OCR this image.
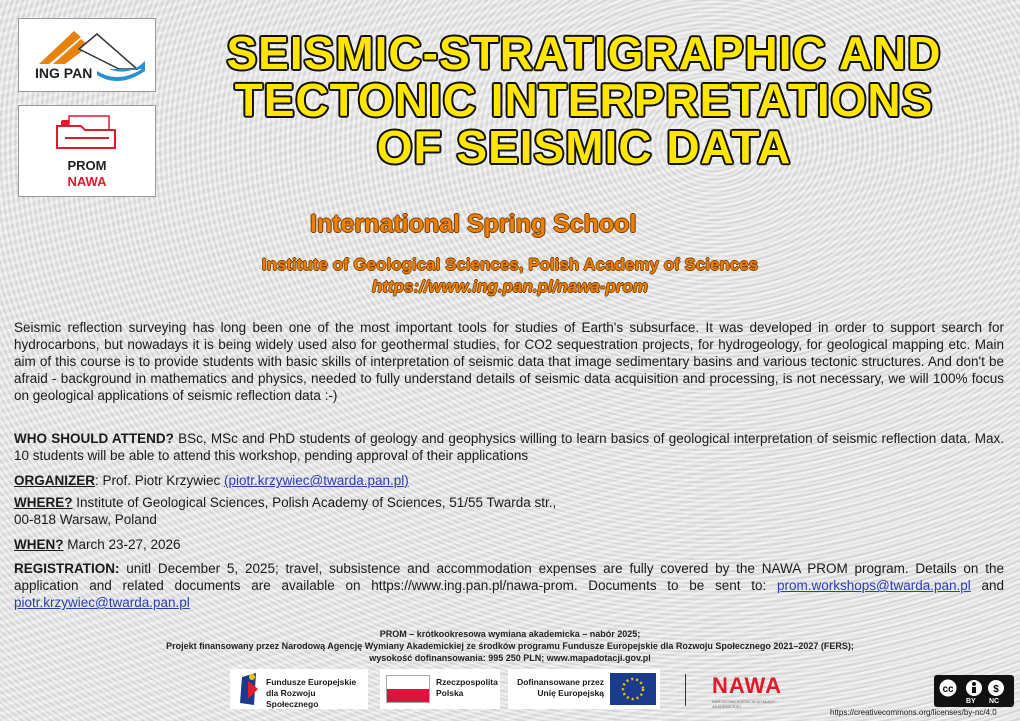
ING PAN
PROM
NAWA
SEISMIC-STRATIGRAPHIC AND
TECTONIC INTERPRETATIONS
OF SEISMIC DATA
International Spring School
Institute of Geological Sciences, Polish Academy of Sciences
https://www.ing.pan.pl/nawa-prom
Seismic reflection surveying has long been one of the most important tools for studies of Earth's subsurface. It was developed in order to support search for hydrocarbons, but nowadays it is being widely used also for geothermal studies, for CO2 sequestration projects, for hydrogeology, for geological mapping etc. Main aim of this course is to provide students with basic skills of interpretation of seismic data that image sedimentary basins and various tectonic structures. And don't be afraid - background in mathematics and physics, needed to fully understand details of seismic data acquisition and processing, is not necessary, we will 100% focus on geological applications of seismic reflection data :-)
WHO SHOULD ATTEND? BSc, MSc and PhD students of geology and geophysics willing to learn basics of geological interpretation of seismic reflection data. Max. 10 students will be able to attend this workshop, pending approval of their applications
ORGANIZER: Prof. Piotr Krzywiec (piotr.krzywiec@twarda.pan.pl)
WHERE? Institute of Geological Sciences, Polish Academy of Sciences, 51/55 Twarda str.,
00-818 Warsaw, Poland
WHEN? March 23-27, 2026
REGISTRATION: unitl December 5, 2025; travel, subsistence and accommodation expenses are fully covered by the NAWA PROM program. Details on the application and related documents are available on https://www.ing.pan.pl/nawa-prom. Documents to be sent to: prom.workshops@twarda.pan.pl and piotr.krzywiec@twarda.pan.pl
PROM – krótkookresowa wymiana akademicka – nabór 2025;
Projekt finansowany przez Narodową Agencję Wymiany Akademickiej ze środków programu Fundusze Europejskie dla Rozwoju Społecznego 2021–2027 (FERS);
wysokość dofinansowania: 995 250 PLN; www.mapadotacji.gov.pl
Fundusze Europejskie
dla Rozwoju Społecznego
Rzeczpospolita
Polska
Dofinansowane przez
Unię Europejską	NAWA
NARODOWA AGENCJA WYMIANY AKADEMICKIEJ
cc	$
BY NC
https://creativecommons.org/licenses/by-nc/4.0
